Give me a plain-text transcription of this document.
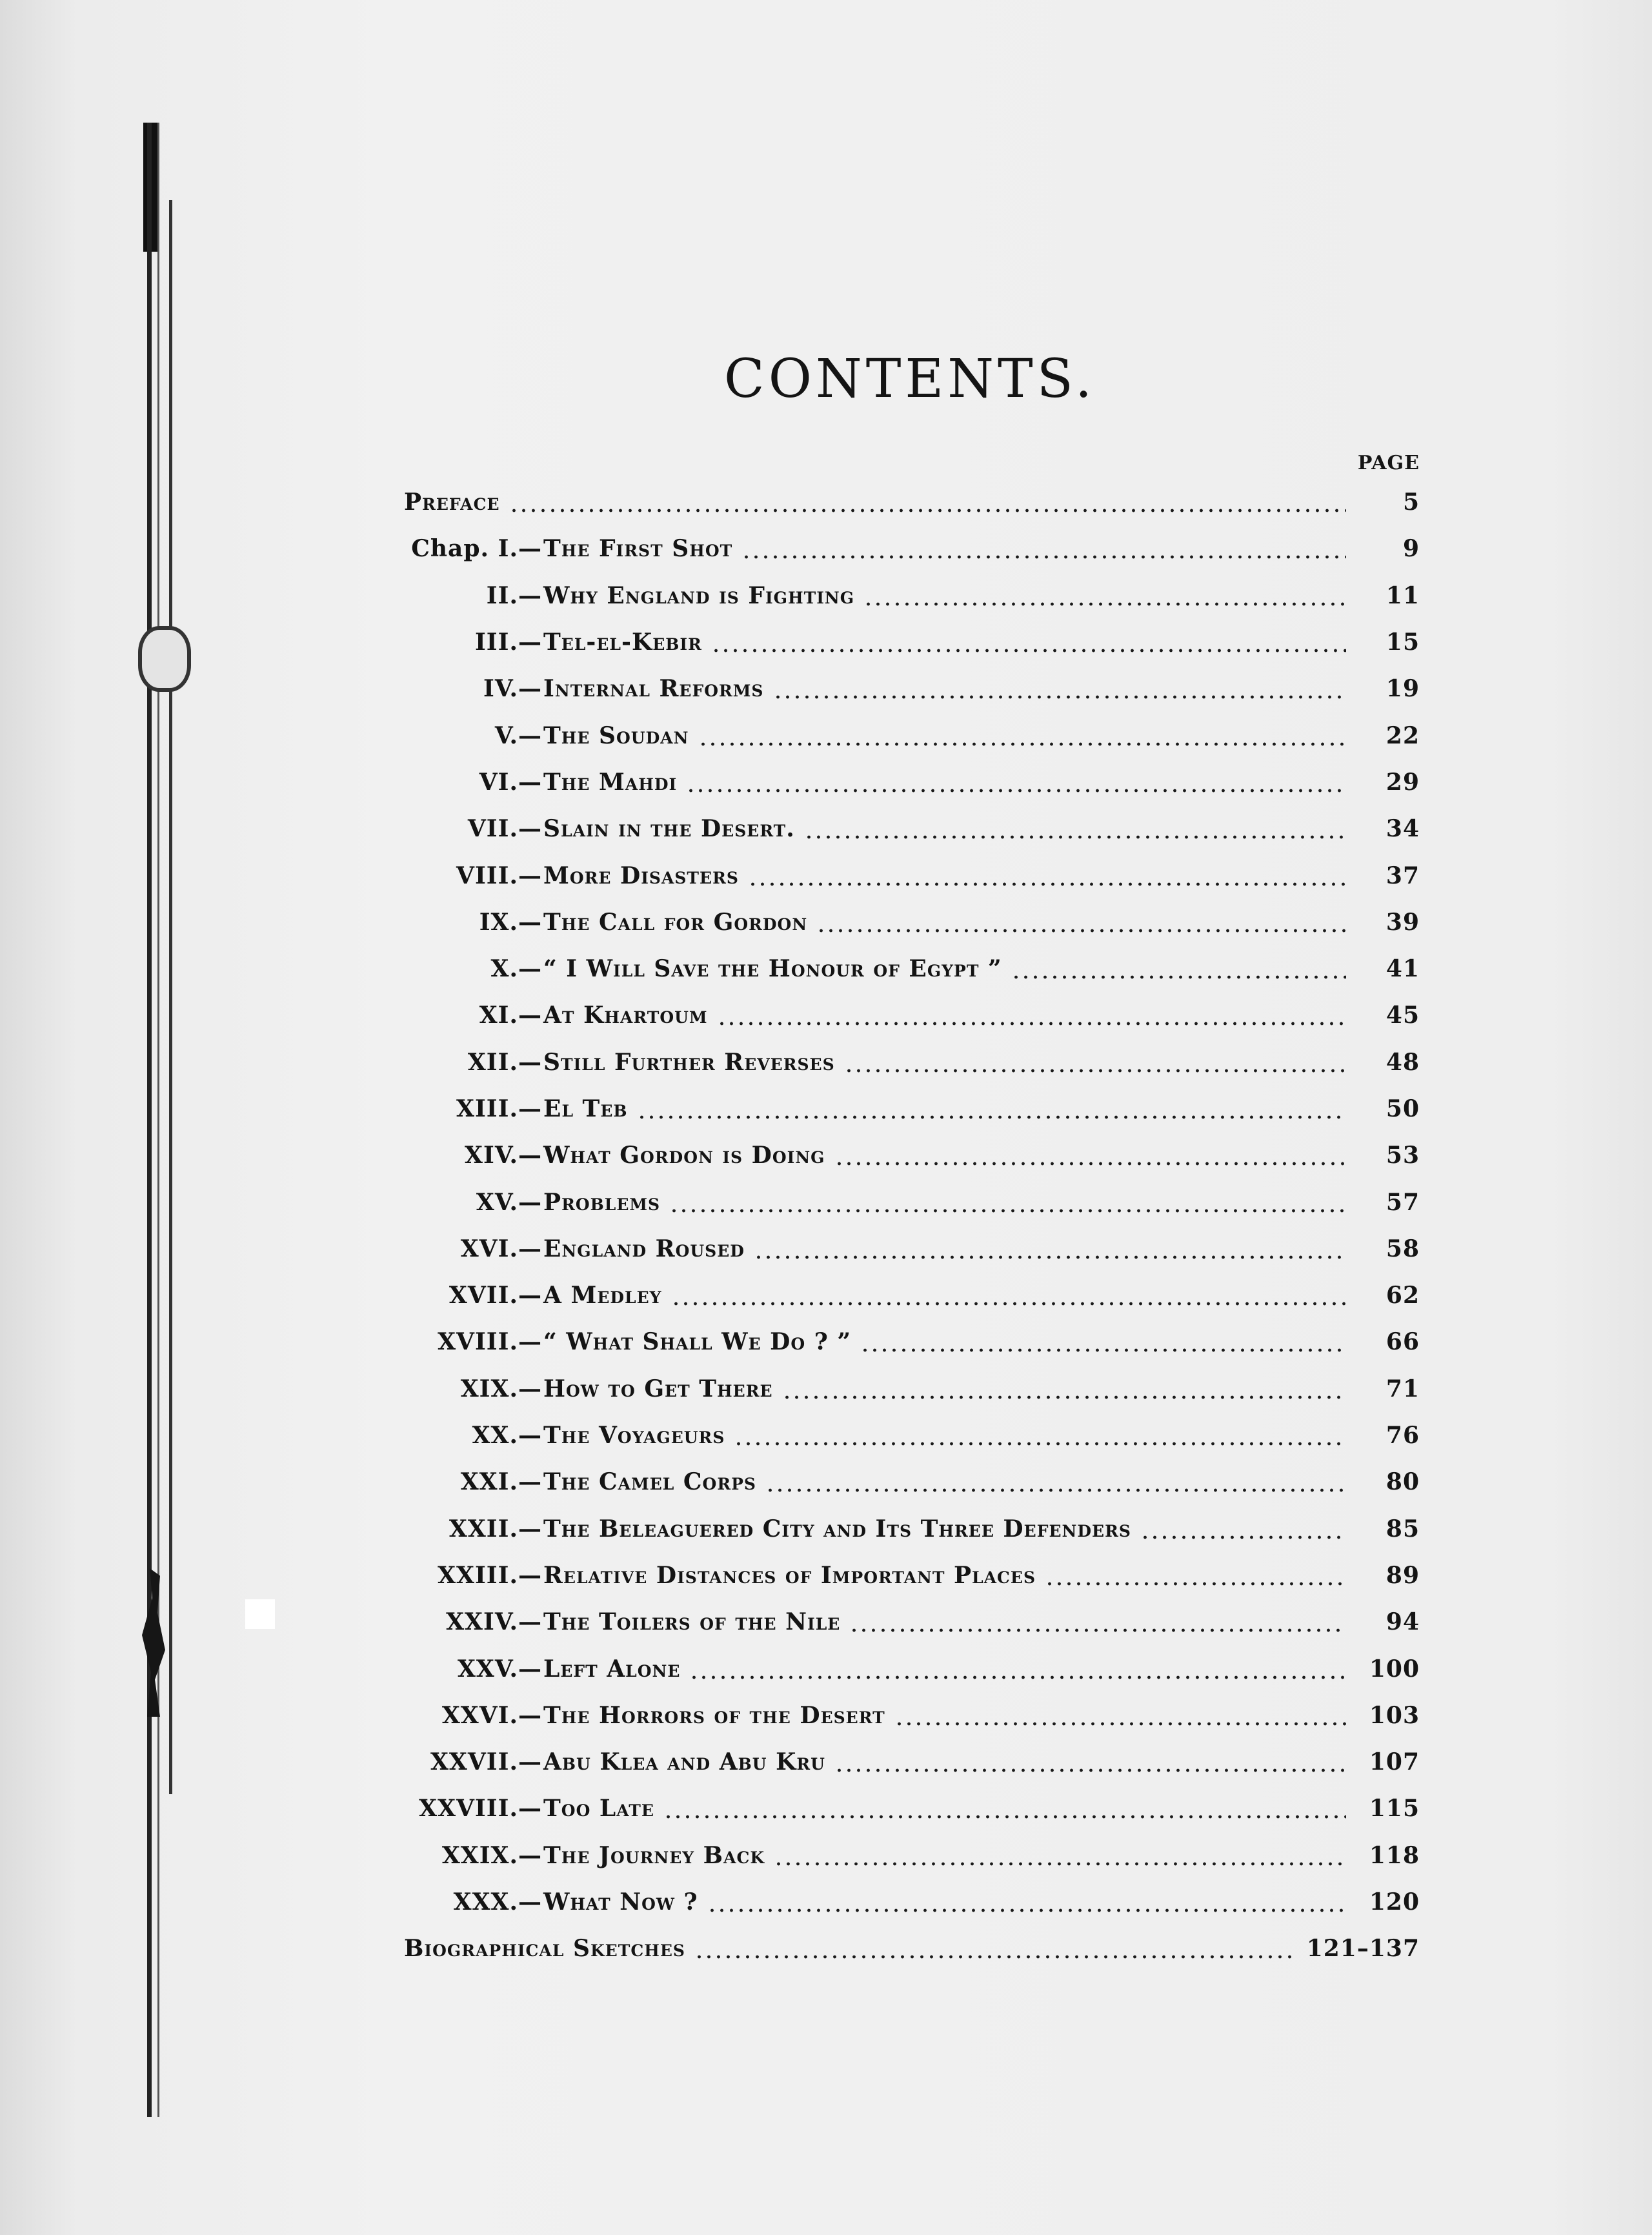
CONTENTS.
PAGE
Preface	5
Chap. I.— The First Shot	9
II.— Why England is Fighting	11
III.— Tel-el-Kebir	15
IV.— Internal Reforms	19
V.— The Soudan	22
VI.— The Mahdi	29
VII.— Slain in the Desert.	34
VIII.— More Disasters	37
IX.— The Call for Gordon	39
X.— “ I Will Save the Honour of Egypt ”	41
XI.— At Khartoum	45
XII.— Still Further Reverses	48
XIII.— El Teb	50
XIV.— What Gordon is Doing	53
XV.— Problems	57
XVI.— England Roused	58
XVII.— A Medley	62
XVIII.— “ What Shall We Do ? ”	66
XIX.— How to Get There	71
XX.— The Voyageurs	76
XXI.— The Camel Corps	80
XXII.— The Beleaguered City and Its Three Defenders	85
XXIII.— Relative Distances of Important Places	89
XXIV.— The Toilers of the Nile	94
XXV.— Left Alone	100
XXVI.— The Horrors of the Desert	103
XXVII.— Abu Klea and Abu Kru	107
XXVIII.— Too Late	115
XXIX.— The Journey Back	118
XXX.— What Now ?	120
Biographical Sketches	121–137
